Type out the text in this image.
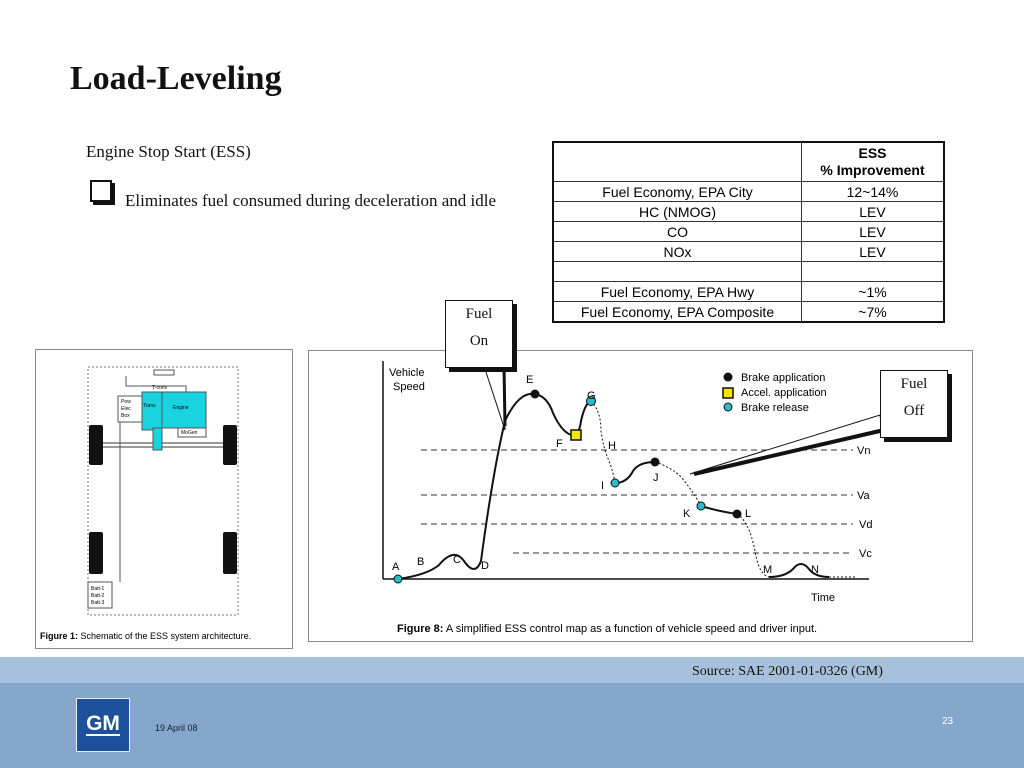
Load-Leveling
Engine Stop Start (ESS)
Eliminates fuel consumed during deceleration and idle
	ESS
% Improvement
Fuel Economy, EPA City	12~14%
HC (NMOG)	LEV
CO	LEV
NOx	LEV

Fuel Economy, EPA Hwy	~1%
Fuel Economy, EPA Composite	~7%
T-conv
Trans	Engine
MoGen
Pow
Elec
Box
Batt-1
Batt-2
Batt-3
Figure 1: Schematic of the ESS system architecture.
Vehicle
Speed
Time
Vn
Va
Vd
Vc
A B	C D
E
F
G
H
I
J
K	L
M	N
Brake application
Accel. application
Brake release
Figure 8: A simplified ESS control map as a function of vehicle speed and driver input.
Fuel
On
Fuel
Off
Source: SAE 2001-01-0326 (GM)
GM	19 April 08
23
